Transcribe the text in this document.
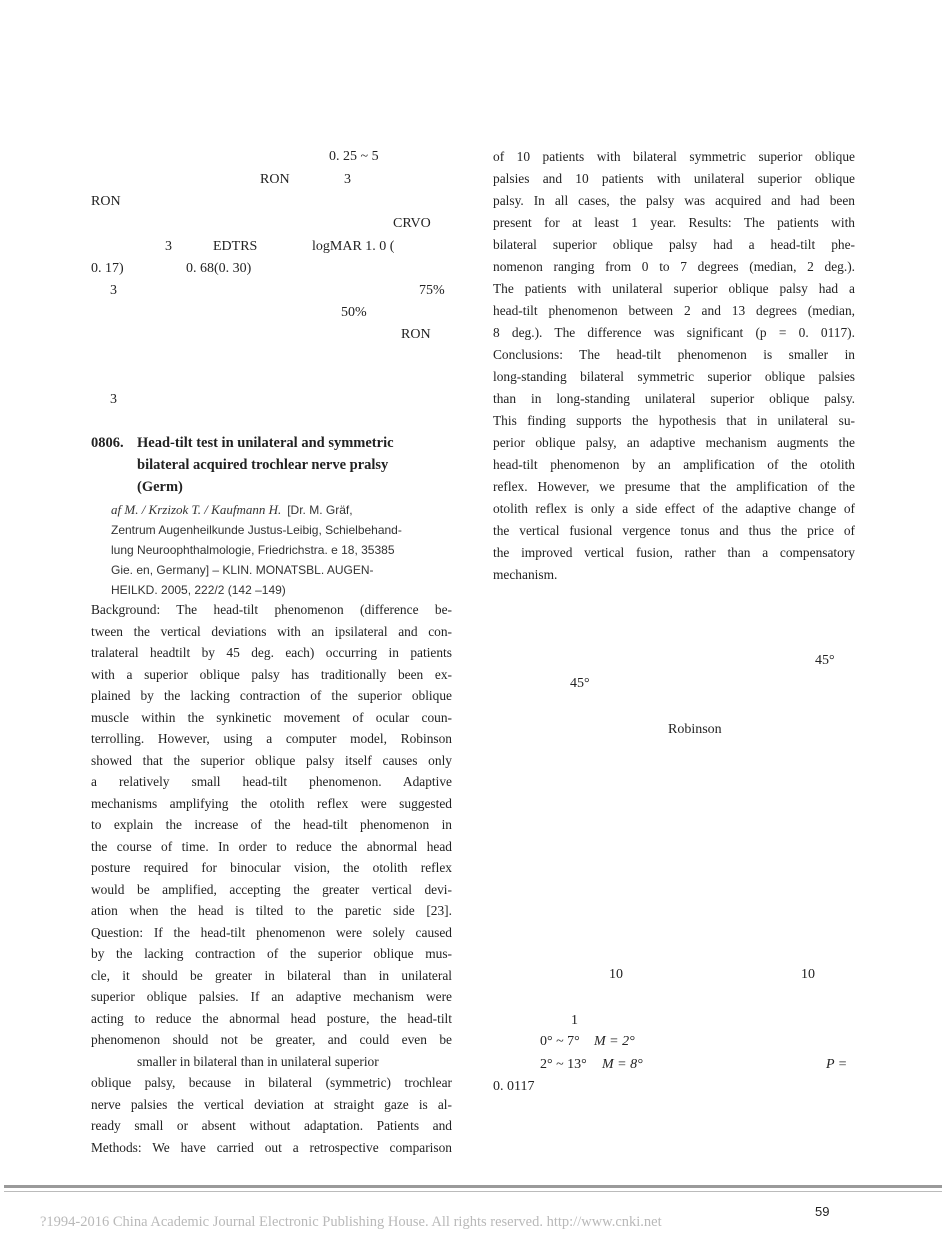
0. 25 ~ 5
RON	3
RON
CRVO
3	EDTRS	logMAR 1. 0 (
0. 17)	0. 68(0. 30)
3	75%
50%
RON
3
0806. Head-tilt test in unilateral and symmetric
bilateral acquired trochlear nerve pralsy
(Germ)
af M. / Krzizok T. / Kaufmann H. [Dr. M. Gräf,
Zentrum Augenheilkunde Justus-Leibig, Schielbehand-
lung Neuroophthalmologie, Friedrichstra. e 18, 35385
Gie. en, Germany] – KLIN. MONATSBL. AUGEN-
HEILKD. 2005, 222/2 (142 –149)
Background: The head-tilt phenomenon (difference be-
tween the vertical deviations with an ipsilateral and con-
tralateral headtilt by 45 deg. each) occurring in patients
with a superior oblique palsy has traditionally been ex-
plained by the lacking contraction of the superior oblique
muscle within the synkinetic movement of ocular coun-
terrolling. However, using a computer model, Robinson
showed that the superior oblique palsy itself causes only
a relatively small head-tilt phenomenon. Adaptive
mechanisms amplifying the otolith reflex were suggested
to explain the increase of the head-tilt phenomenon in
the course of time. In order to reduce the abnormal head
posture required for binocular vision, the otolith reflex
would be amplified, accepting the greater vertical devi-
ation when the head is tilted to the paretic side [23].
Question: If the head-tilt phenomenon were solely caused
by the lacking contraction of the superior oblique mus-
cle, it should be greater in bilateral than in unilateral
superior oblique palsies. If an adaptive mechanism were
acting to reduce the abnormal head posture, the head-tilt
phenomenon should not be greater, and could even be
smaller in bilateral than in unilateral superior
oblique palsy, because in bilateral (symmetric) trochlear
nerve palsies the vertical deviation at straight gaze is al-
ready small or absent without adaptation. Patients and
Methods: We have carried out a retrospective comparison
of 10 patients with bilateral symmetric superior oblique
palsies and 10 patients with unilateral superior oblique
palsy. In all cases, the palsy was acquired and had been
present for at least 1 year. Results: The patients with
bilateral superior oblique palsy had a head-tilt phe-
nomenon ranging from 0 to 7 degrees (median, 2 deg.).
The patients with unilateral superior oblique palsy had a
head-tilt phenomenon between 2 and 13 degrees (median,
8 deg.). The difference was significant (p = 0. 0117).
Conclusions: The head-tilt phenomenon is smaller in
long-standing bilateral symmetric superior oblique palsies
than in long-standing unilateral superior oblique palsy.
This finding supports the hypothesis that in unilateral su-
perior oblique palsy, an adaptive mechanism augments the
head-tilt phenomenon by an amplification of the otolith
reflex. However, we presume that the amplification of the
otolith reflex is only a side effect of the adaptive change of
the vertical fusional vergence tonus and thus the price of
the improved vertical fusion, rather than a compensatory
mechanism.
45°
45°
Robinson
10	10
1
0° ~ 7° M = 2°
2° ~ 13° M = 8°	P =
0. 0117
59
?1994-2016 China Academic Journal Electronic Publishing House. All rights reserved. http://www.cnki.net
